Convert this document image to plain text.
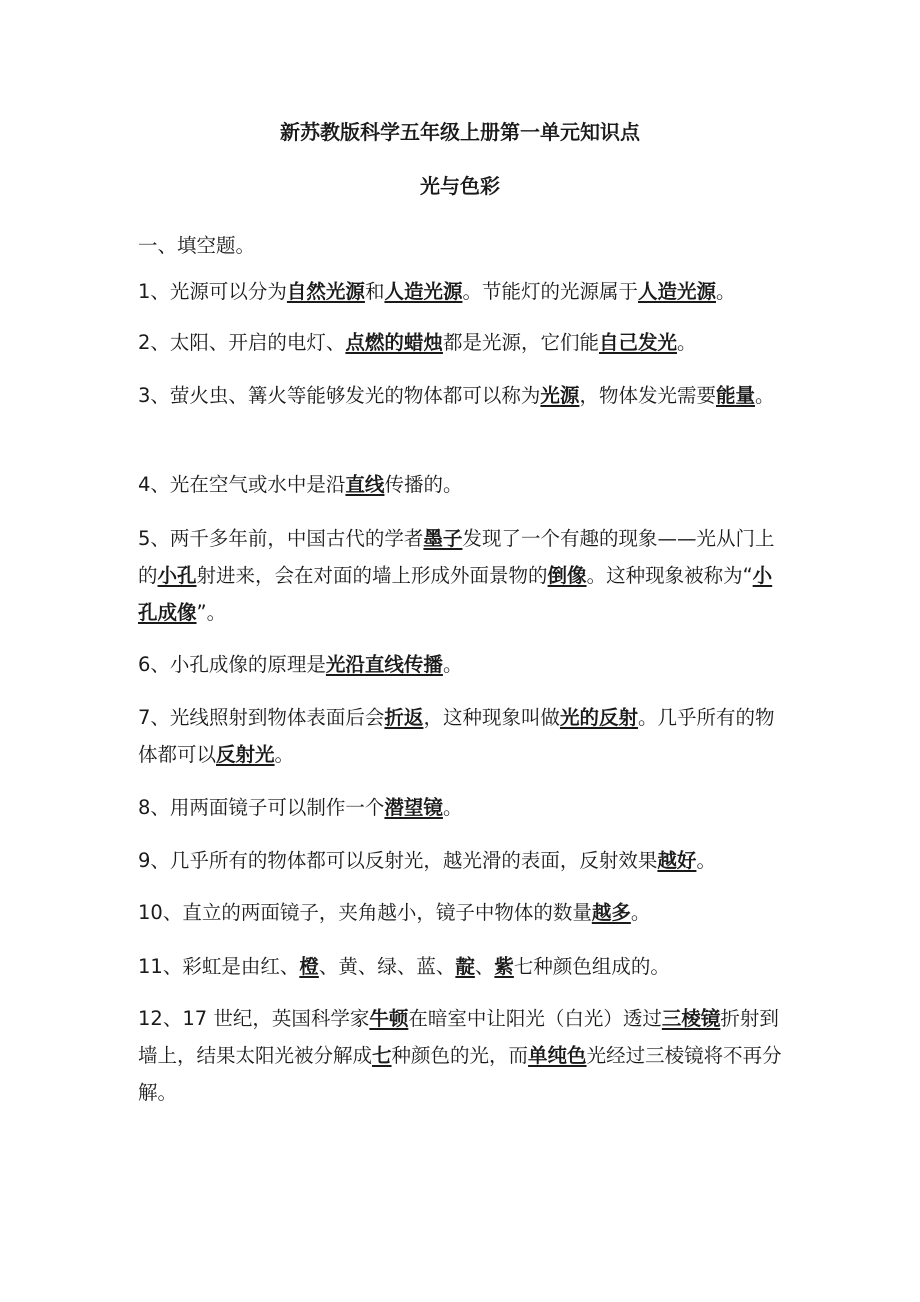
新苏教版科学五年级上册第一单元知识点
光与色彩

一、填空题。

1、光源可以分为自然光源和人造光源。节能灯的光源属于人造光源。

2、太阳、开启的电灯、点燃的蜡烛都是光源，它们能自己发光。

3、萤火虫、篝火等能够发光的物体都可以称为光源，物体发光需要能量。

4、光在空气或水中是沿直线传播的。

5、两千多年前，中国古代的学者墨子发现了一个有趣的现象——光从门上的小孔射进来，会在对面的墙上形成外面景物的倒像。这种现象被称为“小孔成像”。

6、小孔成像的原理是光沿直线传播。

7、光线照射到物体表面后会折返，这种现象叫做光的反射。几乎所有的物体都可以反射光。

8、用两面镜子可以制作一个潜望镜。

9、几乎所有的物体都可以反射光，越光滑的表面，反射效果越好。

10、直立的两面镜子，夹角越小，镜子中物体的数量越多。

11、彩虹是由红、橙、黄、绿、蓝、靛、紫七种颜色组成的。

12、17 世纪，英国科学家牛顿在暗室中让阳光（白光）透过三棱镜折射到墙上，结果太阳光被分解成七种颜色的光，而单纯色光经过三棱镜将不再分解。
